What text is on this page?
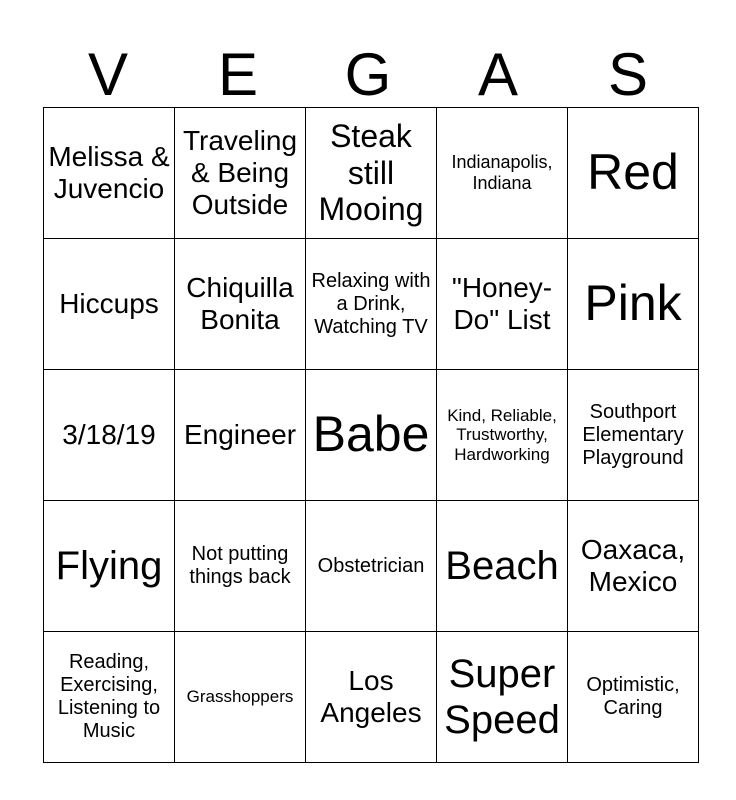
V	E	G	A	S
Melissa & Juvencio	Traveling & Being Outside	Steak still Mooing	Indianapolis, Indiana	Red
Hiccups	Chiquilla Bonita	Relaxing with a Drink, Watching TV	"Honey-Do" List	Pink
3/18/19	Engineer	Babe	Kind, Reliable, Trustworthy, Hardworking	Southport Elementary Playground
Flying	Not putting things back	Obstetrician	Beach	Oaxaca, Mexico
Reading, Exercising, Listening to Music	Grasshoppers	Los Angeles	Super Speed	Optimistic, Caring
